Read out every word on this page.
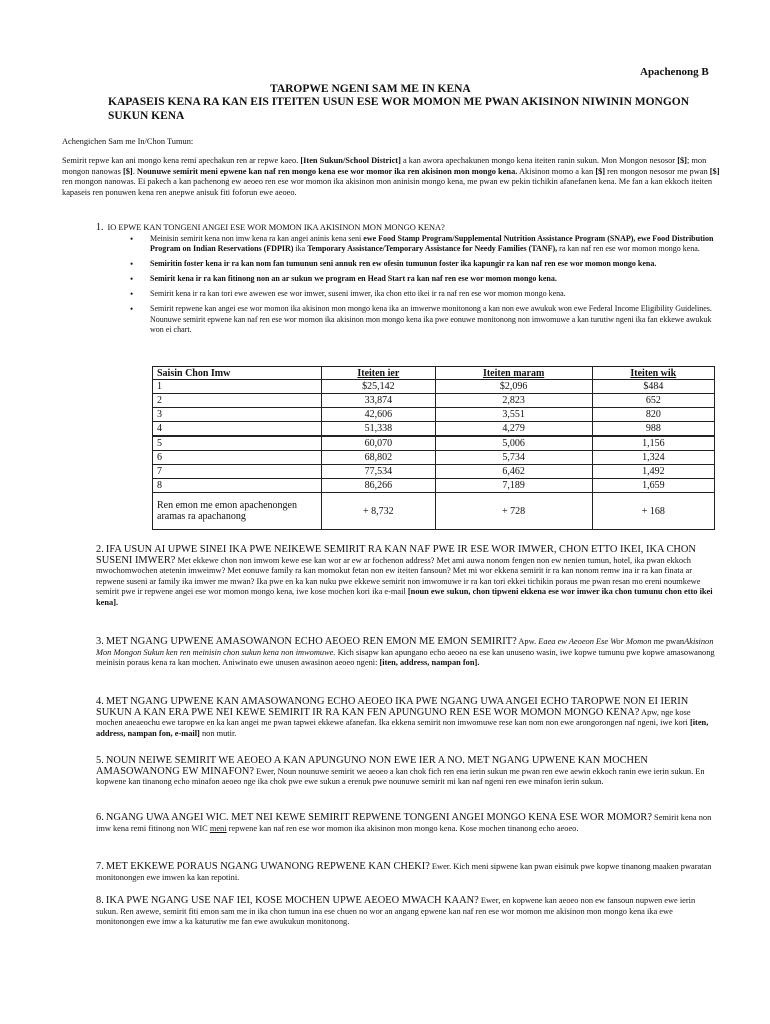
Apachenong B
TAROPWE NGENI SAM ME IN KENA
KAPASEIS KENA RA KAN EIS ITEITEN USUN ESE WOR MOMON ME PWAN AKISINON NIWININ MONGON SUKUN KENA
Achengichen Sam me In/Chon Tumun:
Semirit repwe kan ani mongo kena remi apechakun ren ar repwe kaeo. [Iten Sukun/School District] a kan awora apechakunen mongo kena iteiten ranin sukun. Mon Mongon nesosor [$]; mon mongon nanowas [$]. Nounuwe semirit meni epwene kan naf ren mongo kena ese wor momor ika ren akisinon mon mongo kena. Akisinon momo a kan [$] ren mongon nesosor me pwan [$] ren mongon nanowas. Ei pakech a kan pachenong ew aeoeo ren ese wor momon ika akisinon mon aninisin mongo kena, me pwan ew pekin tichikin afanefanen kena. Me fan a kan ekkoch iteiten kapaseis ren ponuwen kena ren anepwe anisuk fiti foforun ewe aeoeo.
1. IO EPWE KAN TONGENI ANGEI ESE WOR MOMON IKA AKISINON MON MONGO KENA?
• Meinisin semirit kena non imw kena ra kan angei aninis kena seni ewe Food Stamp Program/Supplemental Nutrition Assistance Program (SNAP), ewe Food Distribution Program on Indian Reservations (FDPIR) ika Temporary Assistance/Temporary Assistance for Needy Families (TANF), ra kan naf ren ese wor momon mongo kena.
• Semiritin foster kena ir ra kan nom fan tumunun seni annuk ren ew ofesin tumunun foster ika kapungir ra kan naf ren ese wor momon mongo kena.
• Semirit kena ir ra kan fitinong non an ar sukun we program en Head Start ra kan naf ren ese wor momon mongo kena.
• Semirit kena ir ra kan tori ewe awewen ese wor imwer, suseni imwer, ika chon etto ikei ir ra naf ren ese wor momon mongo kena.
• Semirit repwene kan angei ese wor momon ika akisinon mon mongo kena ika an imwerwe monitonong a kan non ewe awukuk won ewe Federal Income Eligibility Guidelines. Nounuwe semirit epwene kan naf ren ese wor momon ika akisinon mon mongo kena ika pwe eonuwe monitonong non imwomuwe a kan turutiw ngeni ika fan ekkewe awukuk won ei chart.
Saisin Chon Imw	Iteiten ier	Iteiten maram	Iteiten wik
1	$25,142	$2,096	$484
2	33,874	2,823	652
3	42,606	3,551	820
4	51,338	4,279	988
5	60,070	5,006	1,156
6	68,802	5,734	1,324
7	77,534	6,462	1,492
8	86,266	7,189	1,659
Ren emon me emon apachenongen aramas ra apachanong	+ 8,732	+ 728	+ 168
2. IFA USUN AI UPWE SINEI IKA PWE NEIKEWE SEMIRIT RA KAN NAF PWE IR ESE WOR IMWER, CHON ETTO IKEI, IKA CHON SUSENI IMWER? Met ekkewe chon non imwom kewe ese kan wor ar ew ar fochenon address? Met ami auwa nonom fengen non ew nenien tumun, hotel, ika pwan ekkoch mwochomwochen atetenin imweimw? Met eonuwe family ra kan momokut fetan non ew iteiten fansoun? Met mi wor ekkena semirit ir ra kan nonom remw ina ir ra kan finata ar repwene suseni ar family ika imwer me mwan? Ika pwe en ka kan nuku pwe ekkewe semirit non imwomuwe ir ra kan tori ekkei tichikin poraus me pwan resan mo ereni noumkewe semirit pwe ir repwene angei ese wor momon mongo kena, iwe kose mochen kori ika e-mail [noun ewe sukun, chon tipweni ekkena ese wor imwer ika chon tumunu chon etto ikei kena].
3. MET NGANG UPWENE AMASOWANON ECHO AEOEO REN EMON ME EMON SEMIRIT? Apw. Eaea ew Aeoeon Ese Wor Momon me pwanAkisinon Mon Mongon Sukun ken ren meinisin chon sukun kena non imwomuwe. Kich sisapw kan apungano echo aeoeo na ese kan unuseno wasin, iwe kopwe tumunu pwe kopwe amasowanong meinisin poraus kena ra kan mochen. Aniwinato ewe unusen awasinon aeoeo ngeni: [iten, address, nampan fon].
4. MET NGANG UPWENE KAN AMASOWANONG ECHO AEOEO IKA PWE NGANG UWA ANGEI ECHO TAROPWE NON EI IERIN SUKUN A KAN ERA PWE NEI KEWE SEMIRIT IR RA KAN FEN APUNGUNO REN ESE WOR MOMON MONGO KENA? Apw, nge kose mochen aneaeochu ewe taropwe en ka kan angei me pwan tapwei ekkewe afanefan. Ika ekkena semirit non imwomuwe rese kan nom non ewe arongorongen naf ngeni, iwe kori [iten, address, nampan fon, e-mail] non mutir.
5. NOUN NEIWE SEMIRIT WE AEOEO A KAN APUNGUNO NON EWE IER A NO. MET NGANG UPWENE KAN MOCHEN AMASOWANONG EW MINAFON? Ewer, Noun nounuwe semirit we aeoeo a kan chok fich ren ena ierin sukun me pwan ren ewe aewin ekkoch ranin ewe ierin sukun. En kopwene kan tinanong echo minafon aeoeo nge ika chok pwe ewe sukun a erenuk pwe nounuwe semirit mi kan naf ngeni ren ewe minafon ierin sukun.
6. NGANG UWA ANGEI WIC. MET NEI KEWE SEMIRIT REPWENE TONGENI ANGEI MONGO KENA ESE WOR MOMOR? Semirit kena non imw kena remi fitinong non WIC meni repwene kan naf ren ese wor momon ika akisinon mon mongo kena. Kose mochen tinanong echo aeoeo.
7. MET EKKEWE PORAUS NGANG UWANONG REPWENE KAN CHEKI? Ewer. Kich meni sipwene kan pwan eisinuk pwe kopwe tinanong maaken pwaratan monitonongen ewe imwen ka kan repotini.
8. IKA PWE NGANG USE NAF IEI, KOSE MOCHEN UPWE AEOEO MWACH KAAN? Ewer, en kopwene kan aeoeo non ew fansoun nupwen ewe ierin sukun. Ren awewe, semirit fiti emon sam me in ika chon tumun ina ese chuen no wor an angang epwene kan naf ren ese wor momon me akisinon mon mongo kena ika ewe monitonongen ewe imw a ka katurutiw me fan ewe awukukun monitonong.
